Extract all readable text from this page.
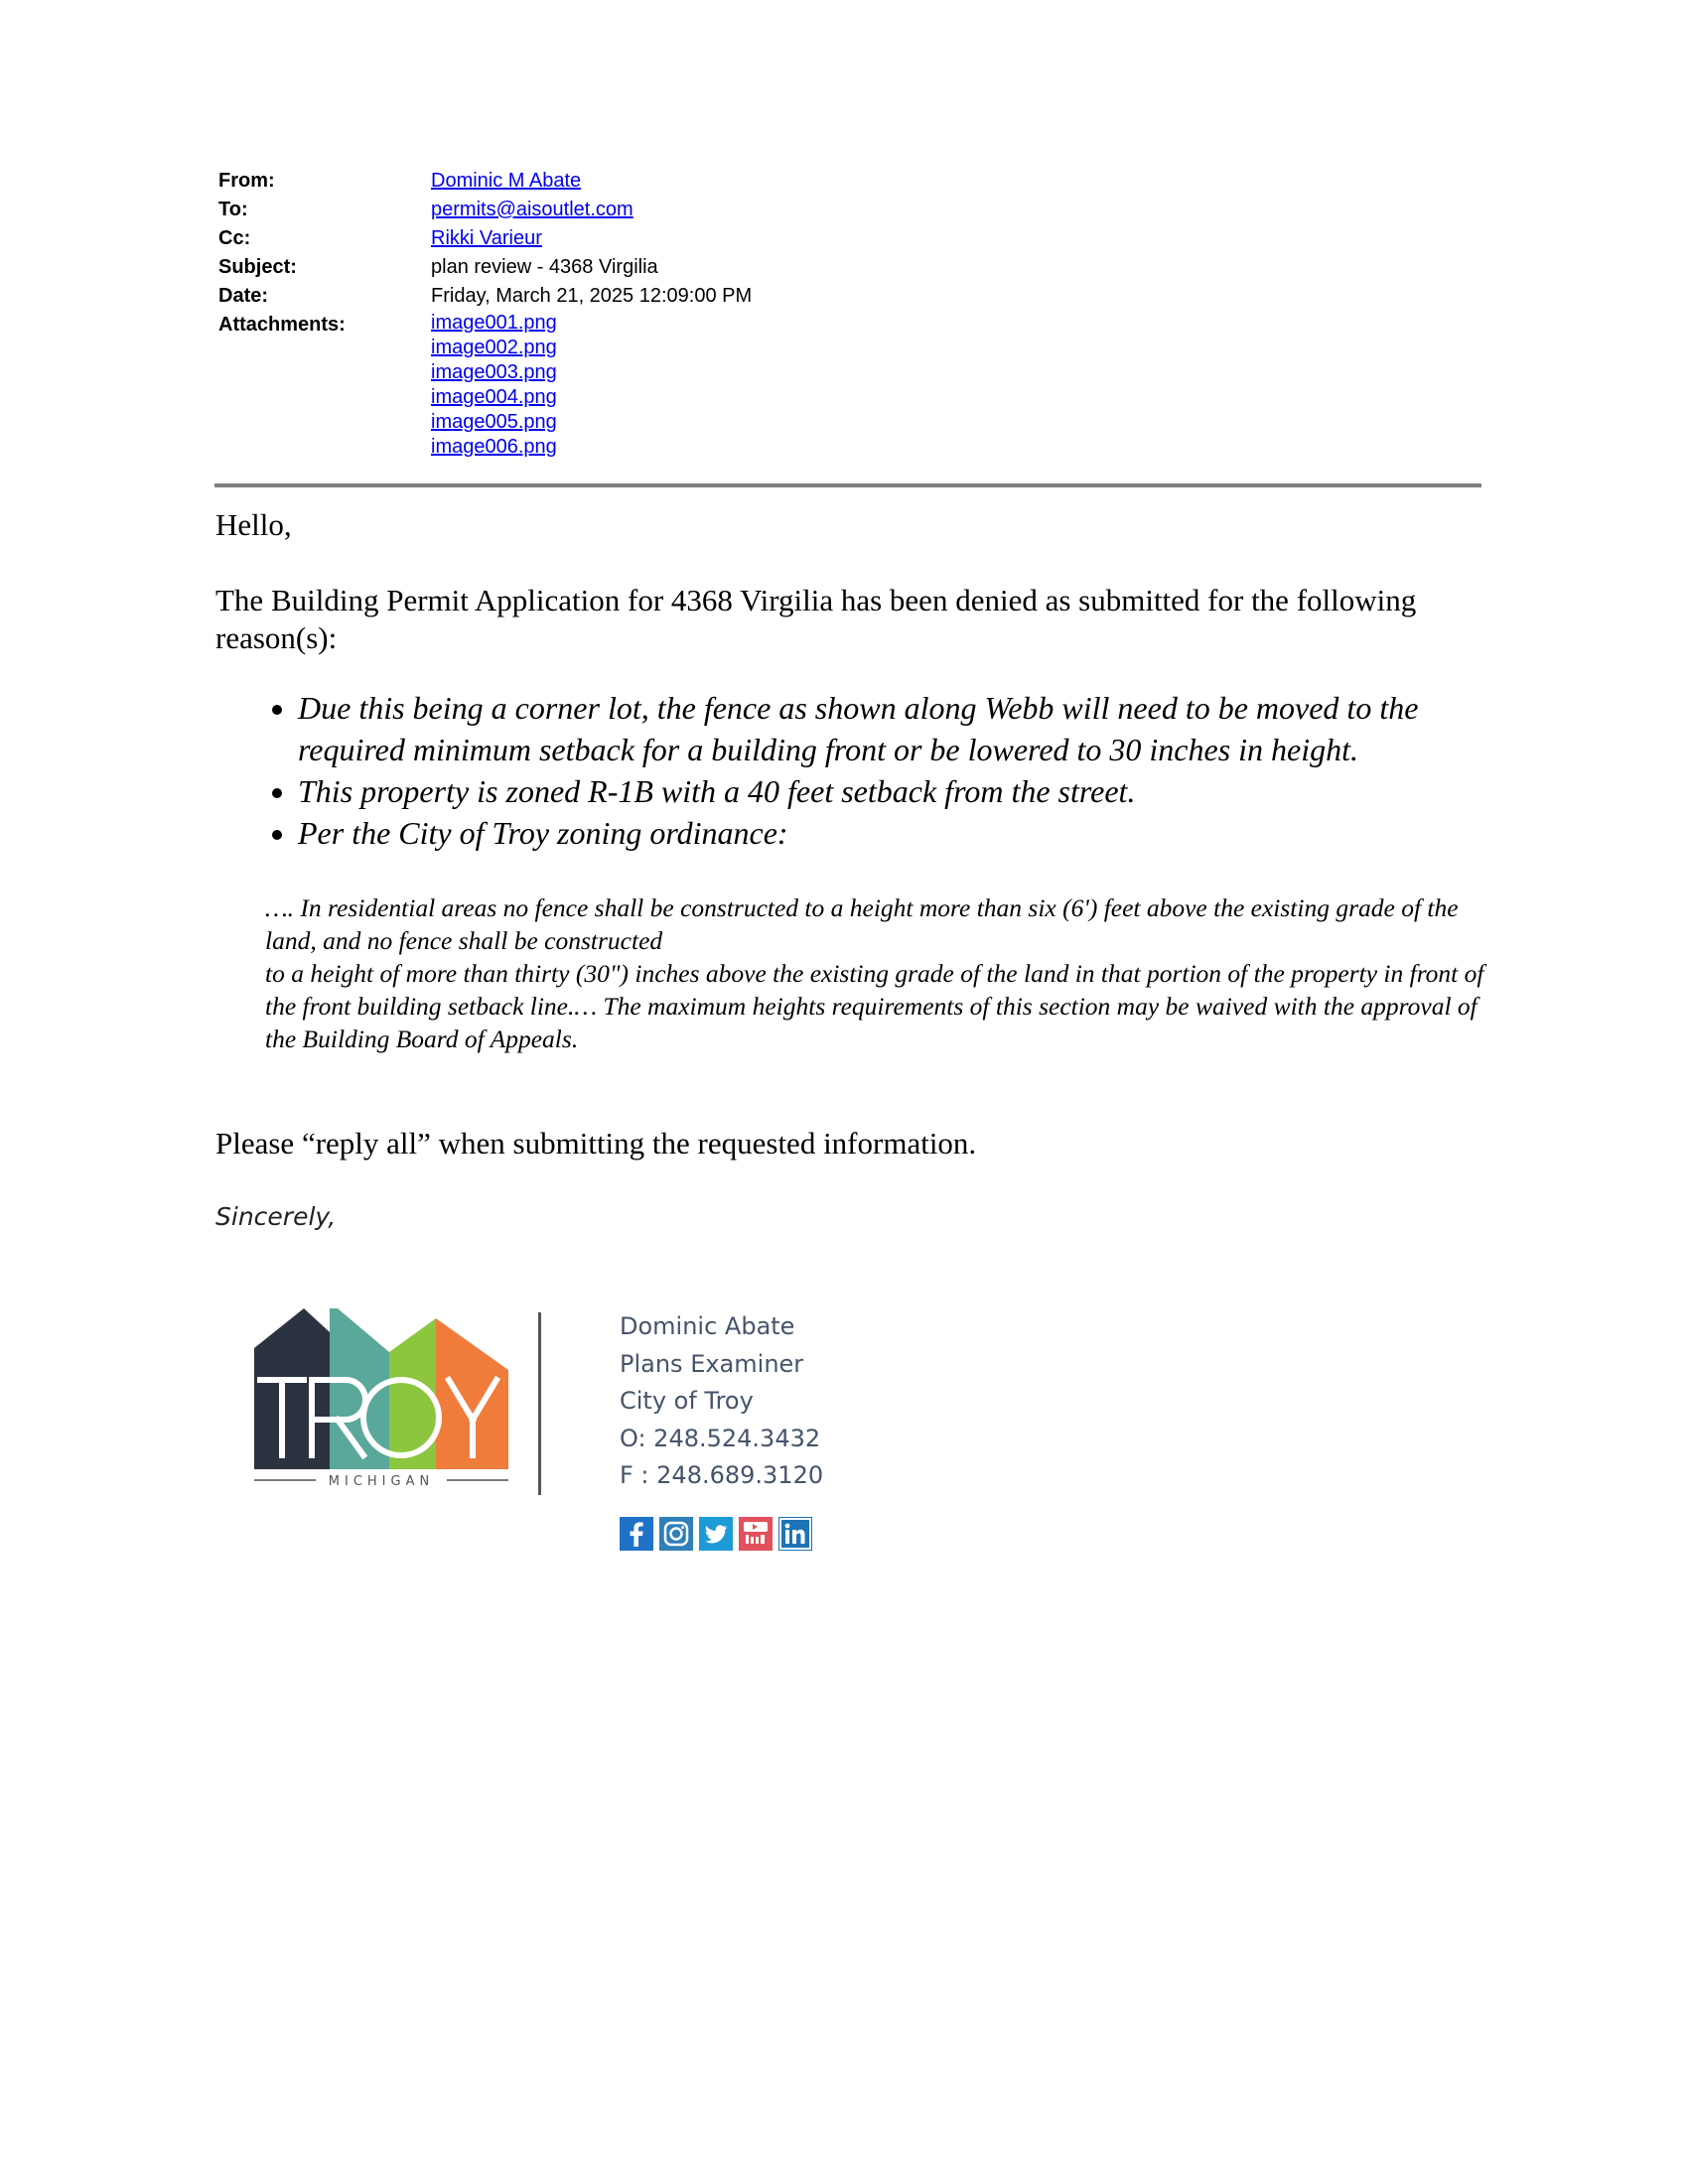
From:	Dominic M Abate
To:	permits@aisoutlet.com
Cc:	Rikki Varieur
Subject:	plan review - 4368 Virgilia
Date:	Friday, March 21, 2025 12:09:00 PM
Attachments:	image001.png
image002.png
image003.png
image004.png
image005.png
image006.png

Hello,

The Building Permit Application for 4368 Virgilia has been denied as submitted for the following reason(s):

• Due this being a corner lot, the fence as shown along Webb will need to be moved to the required minimum setback for a building front or be lowered to 30 inches in height.
• This property is zoned R-1B with a 40 feet setback from the street.
• Per the City of Troy zoning ordinance:
…. In residential areas no fence shall be constructed to a height more than six (6') feet above the existing grade of the land, and no fence shall be constructed
to a height of more than thirty (30") inches above the existing grade of the land in that portion of the property in front of the front building setback line.… The maximum heights requirements of this section may be waived with the approval of the Building Board of Appeals.

Please “reply all” when submitting the requested information.

Sincerely,

MICHIGAN
Dominic Abate
Plans Examiner
City of Troy
O: 248.524.3432
F : 248.689.3120
